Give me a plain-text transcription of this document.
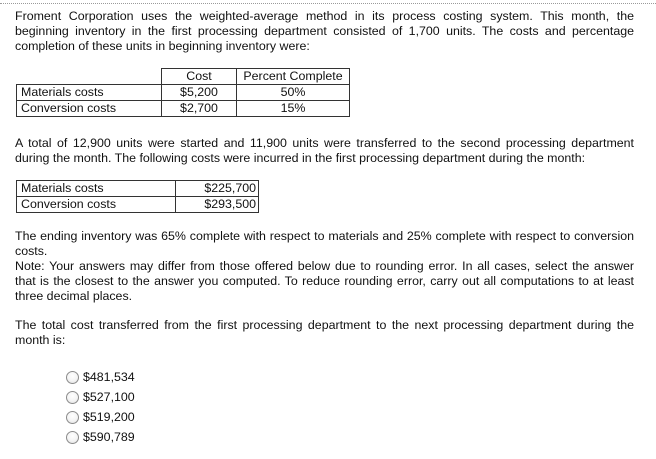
Froment Corporation uses the weighted-average method in its process costing system. This month, the beginning inventory in the first processing department consisted of 1,700 units. The costs and percentage completion of these units in beginning inventory were:

	Cost	Percent Complete
Materials costs	$5,200	50%
Conversion costs	$2,700	15%

A total of 12,900 units were started and 11,900 units were transferred to the second processing department during the month. The following costs were incurred in the first processing department during the month:

Materials costs	$225,700
Conversion costs	$293,500

The ending inventory was 65% complete with respect to materials and 25% complete with respect to conversion costs.

Note: Your answers may differ from those offered below due to rounding error. In all cases, select the answer that is the closest to the answer you computed. To reduce rounding error, carry out all computations to at least three decimal places.

The total cost transferred from the first processing department to the next processing department during the month is:

$481,534
$527,100
$519,200
$590,789
